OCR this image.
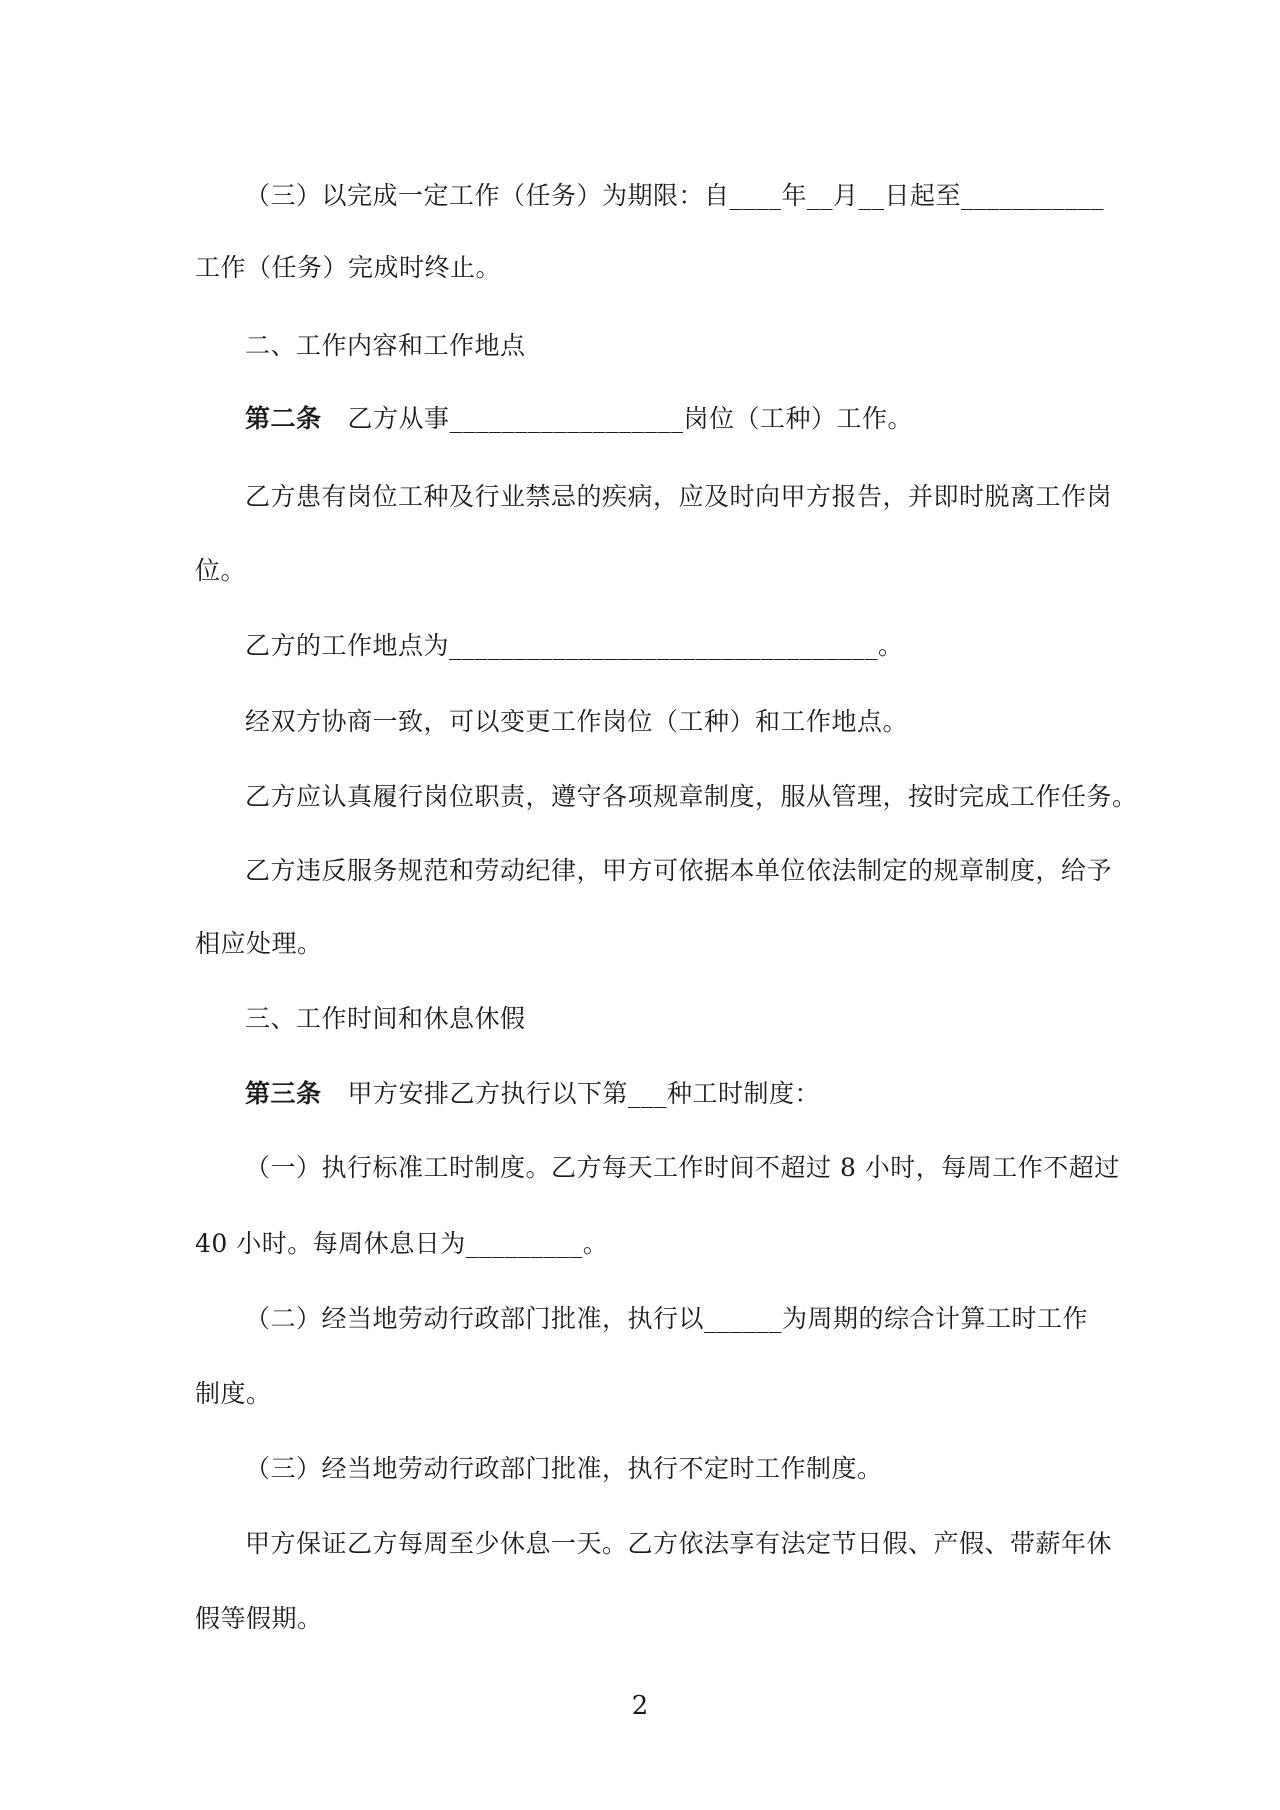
（三）以完成一定工作（任务）为期限：自____年__月__日起至___________
工作（任务）完成时终止。
二、工作内容和工作地点
第二条 乙方从事__________________岗位（工种）工作。
乙方患有岗位工种及行业禁忌的疾病，应及时向甲方报告，并即时脱离工作岗
位。
乙方的工作地点为_________________________________。
经双方协商一致，可以变更工作岗位（工种）和工作地点。
乙方应认真履行岗位职责，遵守各项规章制度，服从管理，按时完成工作任务。
乙方违反服务规范和劳动纪律，甲方可依据本单位依法制定的规章制度，给予
相应处理。
三、工作时间和休息休假
第三条 甲方安排乙方执行以下第___种工时制度：
（一）执行标准工时制度。乙方每天工作时间不超过 8 小时，每周工作不超过
40 小时。每周休息日为_________。
（二）经当地劳动行政部门批准，执行以______为周期的综合计算工时工作
制度。
（三）经当地劳动行政部门批准，执行不定时工作制度。
甲方保证乙方每周至少休息一天。乙方依法享有法定节日假、产假、带薪年休
假等假期。
2
